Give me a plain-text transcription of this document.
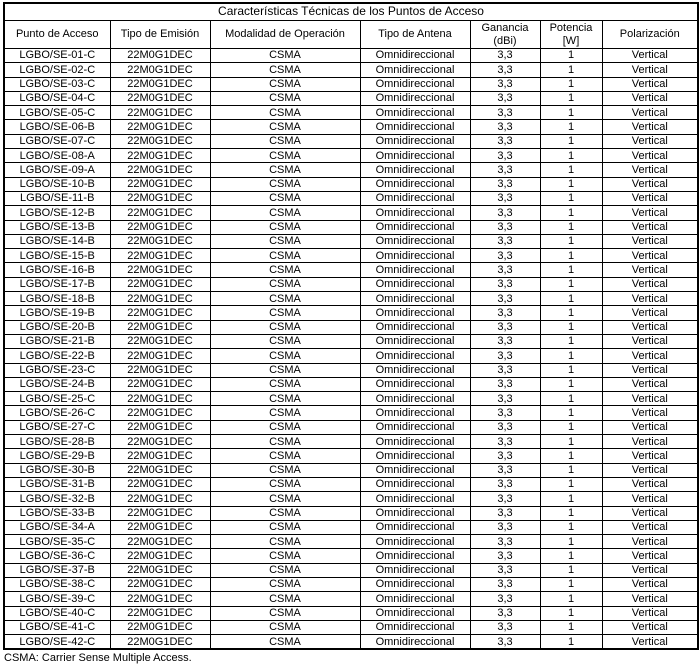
Características Técnicas de los Puntos de Acceso						
Punto de Acceso	Tipo de Emisión	Modalidad de Operación	Tipo de Antena	Ganancia (dBi)	Potencia [W]	Polarización
LGBO/SE-01-C	22M0G1DEC	CSMA	Omnidireccional	3,3	1	Vertical
LGBO/SE-02-C	22M0G1DEC	CSMA	Omnidireccional	3,3	1	Vertical
LGBO/SE-03-C	22M0G1DEC	CSMA	Omnidireccional	3,3	1	Vertical
LGBO/SE-04-C	22M0G1DEC	CSMA	Omnidireccional	3,3	1	Vertical
LGBO/SE-05-C	22M0G1DEC	CSMA	Omnidireccional	3,3	1	Vertical
LGBO/SE-06-B	22M0G1DEC	CSMA	Omnidireccional	3,3	1	Vertical
LGBO/SE-07-C	22M0G1DEC	CSMA	Omnidireccional	3,3	1	Vertical
LGBO/SE-08-A	22M0G1DEC	CSMA	Omnidireccional	3,3	1	Vertical
LGBO/SE-09-A	22M0G1DEC	CSMA	Omnidireccional	3,3	1	Vertical
LGBO/SE-10-B	22M0G1DEC	CSMA	Omnidireccional	3,3	1	Vertical
LGBO/SE-11-B	22M0G1DEC	CSMA	Omnidireccional	3,3	1	Vertical
LGBO/SE-12-B	22M0G1DEC	CSMA	Omnidireccional	3,3	1	Vertical
LGBO/SE-13-B	22M0G1DEC	CSMA	Omnidireccional	3,3	1	Vertical
LGBO/SE-14-B	22M0G1DEC	CSMA	Omnidireccional	3,3	1	Vertical
LGBO/SE-15-B	22M0G1DEC	CSMA	Omnidireccional	3,3	1	Vertical
LGBO/SE-16-B	22M0G1DEC	CSMA	Omnidireccional	3,3	1	Vertical
LGBO/SE-17-B	22M0G1DEC	CSMA	Omnidireccional	3,3	1	Vertical
LGBO/SE-18-B	22M0G1DEC	CSMA	Omnidireccional	3,3	1	Vertical
LGBO/SE-19-B	22M0G1DEC	CSMA	Omnidireccional	3,3	1	Vertical
LGBO/SE-20-B	22M0G1DEC	CSMA	Omnidireccional	3,3	1	Vertical
LGBO/SE-21-B	22M0G1DEC	CSMA	Omnidireccional	3,3	1	Vertical
LGBO/SE-22-B	22M0G1DEC	CSMA	Omnidireccional	3,3	1	Vertical
LGBO/SE-23-C	22M0G1DEC	CSMA	Omnidireccional	3,3	1	Vertical
LGBO/SE-24-B	22M0G1DEC	CSMA	Omnidireccional	3,3	1	Vertical
LGBO/SE-25-C	22M0G1DEC	CSMA	Omnidireccional	3,3	1	Vertical
LGBO/SE-26-C	22M0G1DEC	CSMA	Omnidireccional	3,3	1	Vertical
LGBO/SE-27-C	22M0G1DEC	CSMA	Omnidireccional	3,3	1	Vertical
LGBO/SE-28-B	22M0G1DEC	CSMA	Omnidireccional	3,3	1	Vertical
LGBO/SE-29-B	22M0G1DEC	CSMA	Omnidireccional	3,3	1	Vertical
LGBO/SE-30-B	22M0G1DEC	CSMA	Omnidireccional	3,3	1	Vertical
LGBO/SE-31-B	22M0G1DEC	CSMA	Omnidireccional	3,3	1	Vertical
LGBO/SE-32-B	22M0G1DEC	CSMA	Omnidireccional	3,3	1	Vertical
LGBO/SE-33-B	22M0G1DEC	CSMA	Omnidireccional	3,3	1	Vertical
LGBO/SE-34-A	22M0G1DEC	CSMA	Omnidireccional	3,3	1	Vertical
LGBO/SE-35-C	22M0G1DEC	CSMA	Omnidireccional	3,3	1	Vertical
LGBO/SE-36-C	22M0G1DEC	CSMA	Omnidireccional	3,3	1	Vertical
LGBO/SE-37-B	22M0G1DEC	CSMA	Omnidireccional	3,3	1	Vertical
LGBO/SE-38-C	22M0G1DEC	CSMA	Omnidireccional	3,3	1	Vertical
LGBO/SE-39-C	22M0G1DEC	CSMA	Omnidireccional	3,3	1	Vertical
LGBO/SE-40-C	22M0G1DEC	CSMA	Omnidireccional	3,3	1	Vertical
LGBO/SE-41-C	22M0G1DEC	CSMA	Omnidireccional	3,3	1	Vertical
LGBO/SE-42-C	22M0G1DEC	CSMA	Omnidireccional	3,3	1	Vertical
CSMA: Carrier Sense Multiple Access.
